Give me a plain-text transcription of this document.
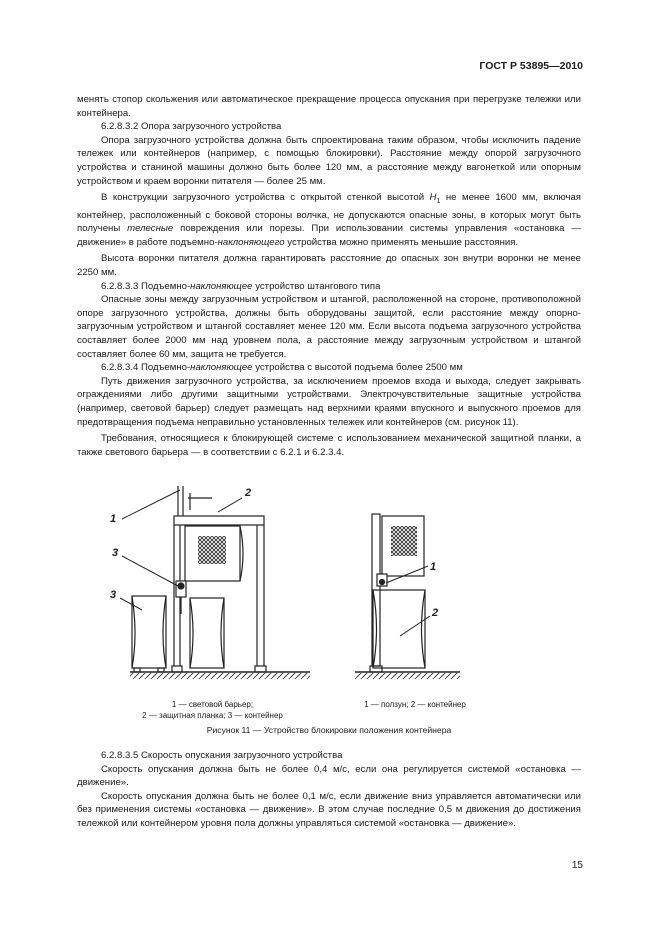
ГОСТ Р 53895—2010

менять стопор скольжения или автоматическое прекращение процесса опускания при перегрузке тележки или контейнера.

6.2.8.3.2 Опора загрузочного устройства

Опора загрузочного устройства должна быть спроектирована таким образом, чтобы исключить падение тележек или контейнеров (например, с помощью блокировки). Расстояние между опорой загрузочного устройства и станиной машины должно быть более 120 мм, а расстояние между вагонеткой или опорным устройством и краем воронки питателя — более 25 мм.

В конструкции загрузочного устройства с открытой стенкой высотой $H_1$ не менее 1600 мм, включая контейнер, расположенный с боковой стороны волчка, не допускаются опасные зоны, в которых могут быть получены телесные повреждения или порезы. При использовании системы управления «остановка — движение» в работе подъемно-наклоняющего устройства можно применять меньшие расстояния.

Высота воронки питателя должна гарантировать расстояние до опасных зон внутри воронки не менее 2250 мм.

6.2.8.3.3 Подъемно-наклоняющее устройство штангового типа

Опасные зоны между загрузочным устройством и штангой, расположенной на стороне, противоположной опоре загрузочного устройства, должны быть оборудованы защитой, если расстояние между опорно-загрузочным устройством и штангой составляет менее 120 мм. Если высота подъема загрузочного устройства составляет более 2000 мм над уровнем пола, а расстояние между загрузочным устройством и штангой составляет более 60 мм, защита не требуется.

6.2.8.3.4 Подъемно-наклоняющее устройства с высотой подъема более 2500 мм

Путь движения загрузочного устройства, за исключением проемов входа и выхода, следует закрывать ограждениями либо другими защитными устройствами. Электрочувствительные защитные устройства (например, световой барьер) следует размещать над верхними краями впускного и выпускного проемов для предотвращения подъема неправильно установленных тележек или контейнеров (см. рисунок 11).

Требования, относящиеся к блокирующей системе с использованием механической защитной планки, а также светового барьера — в соответствии с 6.2.1 и 6.2.3.4.

1
2
3
3
1
2
1 — световой барьер;
2 — защитная планка; 3 — контейнер
1 — ползун; 2 — контейнер
Рисунок 11 — Устройство блокировки положения контейнера

6.2.8.3.5 Скорость опускания загрузочного устройства

Скорость опускания должна быть не более 0,4 м/с, если она регулируется системой «остановка — движение».

Скорость опускания должна быть не более 0,1 м/с, если движение вниз управляется автоматически или без применения системы «остановка — движение». В этом случае последние 0,5 м движения до достижения тележкой или контейнером уровня пола должны управляться системой «остановка — движение».

15
